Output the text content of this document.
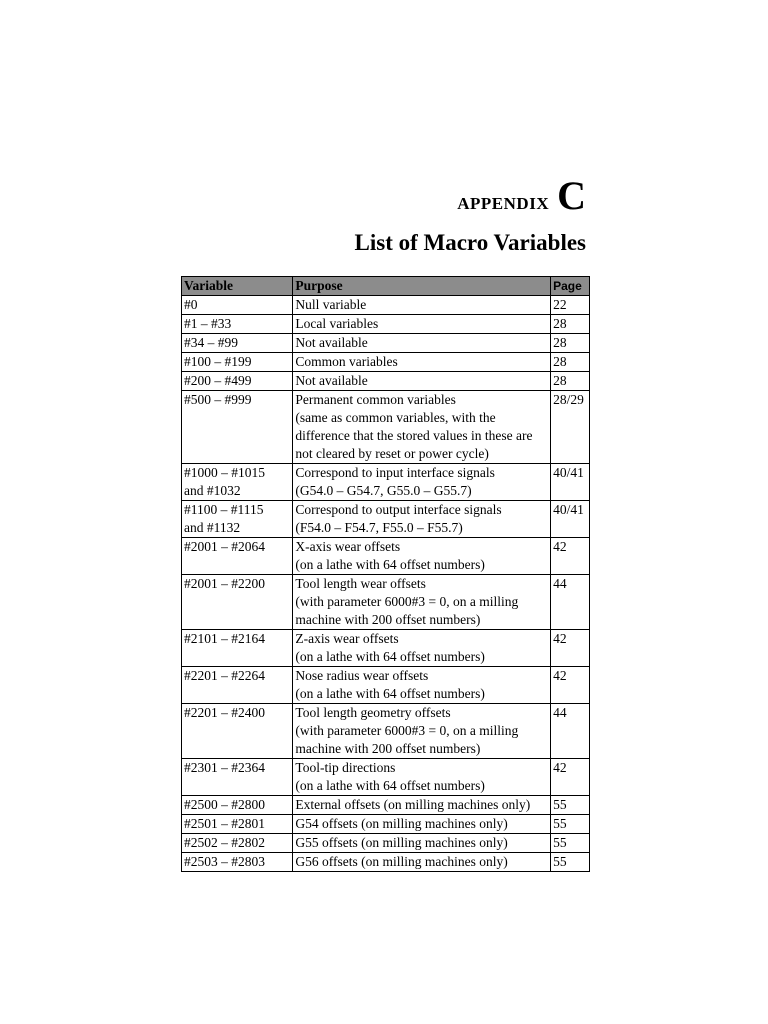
APPENDIX C
List of Macro Variables
Variable	Purpose	Page

#0	Null variable	22

#1 – #33	Local variables	28

#34 – #99	Not available	28

#100 – #199	Common variables	28

#200 – #499	Not available	28

#500 – #999	Permanent common variables
(same as common variables, with the
difference that the stored values in these are
not cleared by reset or power cycle)	28/29

#1000 – #1015
and #1032	Correspond to input interface signals
(G54.0 – G54.7, G55.0 – G55.7)	40/41

#1100 – #1115
and #1132	Correspond to output interface signals
(F54.0 – F54.7, F55.0 – F55.7)	40/41

#2001 – #2064	X-axis wear offsets
(on a lathe with 64 offset numbers)	42

#2001 – #2200	Tool length wear offsets
(with parameter 6000#3 = 0, on a milling
machine with 200 offset numbers)	44

#2101 – #2164	Z-axis wear offsets
(on a lathe with 64 offset numbers)	42

#2201 – #2264	Nose radius wear offsets
(on a lathe with 64 offset numbers)	42

#2201 – #2400	Tool length geometry offsets
(with parameter 6000#3 = 0, on a milling
machine with 200 offset numbers)	44

#2301 – #2364	Tool-tip directions
(on a lathe with 64 offset numbers)	42

#2500 – #2800	External offsets (on milling machines only)	55

#2501 – #2801	G54 offsets (on milling machines only)	55

#2502 – #2802	G55 offsets (on milling machines only)	55

#2503 – #2803	G56 offsets (on milling machines only)	55
